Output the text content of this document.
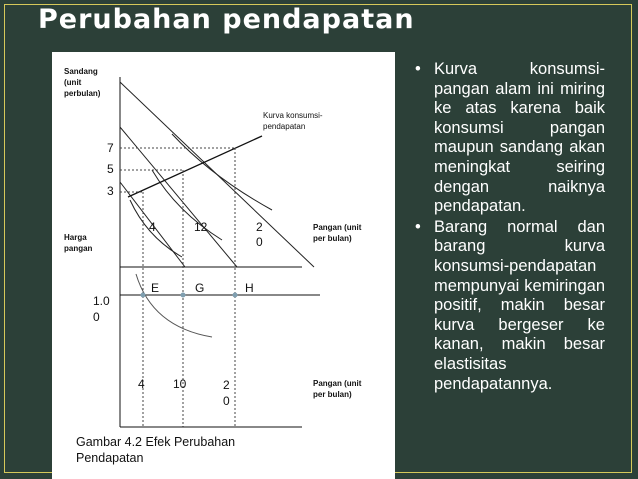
Perubahan pendapatan
Sandang (unit perbulan)
Kurva konsumsi-pendapatan
7
5
3
4	12	2 0
Pangan (unit per bulan)
Harga pangan
E	G	H
1.0 0
4 10	2 0
Pangan (unit per bulan)
Gambar 4.2 Efek Perubahan Pendapatan
• Kurva konsumsi-pangan alam ini miring ke atas karena baik konsumsi pangan maupun sandang akan meningkat seiring dengan naiknya pendapatan.
• Barang normal dan barang kurva konsumsi-pendapatan mempunyai kemiringan positif, makin besar kurva bergeser ke kanan, makin besar elastisitas pendapatannya.
